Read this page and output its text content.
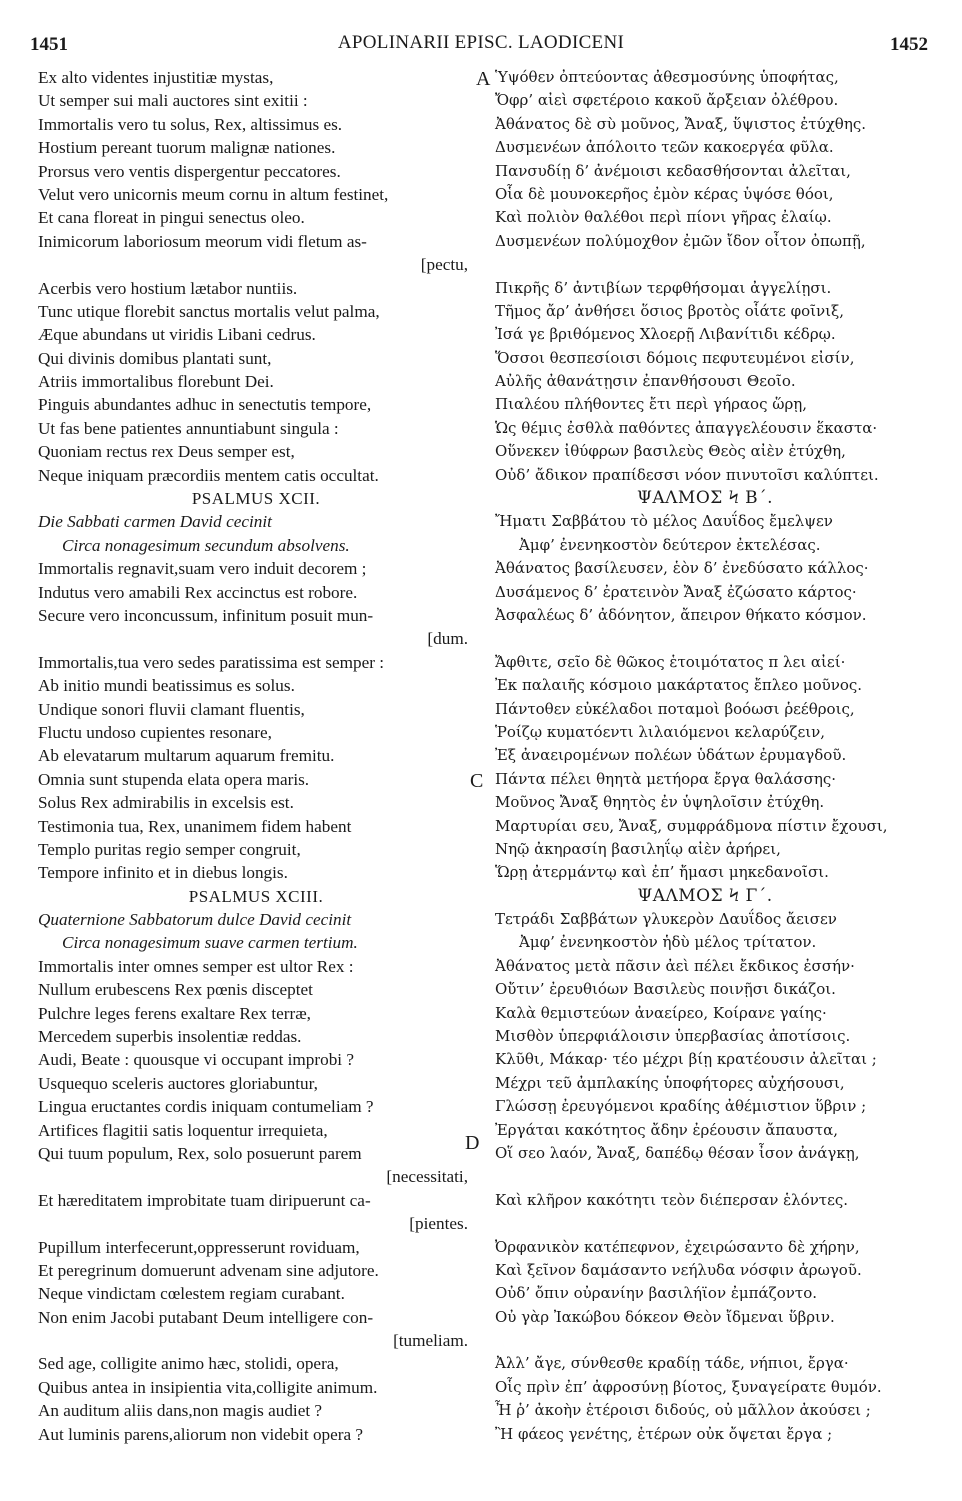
1451	APOLINARII EPISC. LAODICENI	1452
Ex alto videntes injustitiæ mystas,
Ut semper sui mali auctores sint exitii :
Immortalis vero tu solus, Rex, altissimus es.
Hostium pereant tuorum malignæ nationes.
Prorsus vero ventis dispergentur peccatores.
Velut vero unicornis meum cornu in altum festinet,
Et cana floreat in pingui senectus oleo.
Inimicorum laboriosum meorum vidi fletum as-
[pectu,
Acerbis vero hostium lætabor nuntiis.
Tunc utique florebit sanctus mortalis velut palma,
Æque abundans ut viridis Libani cedrus.
Qui divinis domibus plantati sunt,
Atriis immortalibus florebunt Dei.
Pinguis abundantes adhuc in senectutis tempore,
Ut fas bene patientes annuntiabunt singula :
Quoniam rectus rex Deus semper est,
Neque iniquam præcordiis mentem catis occultat.
PSALMUS XCII.
Die Sabbati carmen David cecinit
Circa nonagesimum secundum absolvens.
Immortalis regnavit,suam vero induit decorem ;
Indutus vero amabili Rex accinctus est robore.
Secure vero inconcussum, infinitum posuit mun-
[dum.
Immortalis,tua vero sedes paratissima est semper :
Ab initio mundi beatissimus es solus.
Undique sonori fluvii clamant fluentis,
Fluctu undoso cupientes resonare,
Ab elevatarum multarum aquarum fremitu.
Omnia sunt stupenda elata opera maris.
Solus Rex admirabilis in excelsis est.
Testimonia tua, Rex, unanimem fidem habent
Templo puritas regio semper congruit,
Tempore infinito et in diebus longis.
PSALMUS XCIII.
Quaternione Sabbatorum dulce David cecinit
Circa nonagesimum suave carmen tertium.
Immortalis inter omnes semper est ultor Rex :
Nullum erubescens Rex pœnis disceptet
Pulchre leges ferens exaltare Rex terræ,
Mercedem superbis insolentiæ reddas.
Audi, Beate : quousque vi occupant improbi ?
Usquequo sceleris auctores gloriabuntur,
Lingua eructantes cordis iniquam contumeliam ?
Artifices flagitii satis loquentur irrequieta,
Qui tuum populum, Rex, solo posuerunt parem
[necessitati,
Et hæreditatem improbitate tuam diripuerunt ca-
[pientes.
Pupillum interfecerunt,oppresserunt roviduam,
Et peregrinum domuerunt advenam sine adjutore.
Neque vindictam cœlestem regiam curabant.
Non enim Jacobi putabant Deum intelligere con-
[tumeliam.
Sed age, colligite animo hæc, stolidi, opera,
Quibus antea in insipientia vita,colligite animum.
An auditum aliis dans,non magis audiet ?
Aut luminis parens,aliorum non videbit opera ?
Ὑψόθεν ὀπτεύοντας ἀθεσμοσύνης ὑποφήτας,
Ὄφρ’ αἰεὶ σφετέροιο κακοῦ ἄρξειαν ὀλέθρου.
Ἀθάνατος δὲ σὺ μοῦνος, Ἄναξ, ὕψιστος ἐτύχθης.
Δυσμενέων ἀπόλοιτο τεῶν κακοεργέα φῦλα.
Πανσυδίῃ δ’ ἀνέμοισι κεδασθήσονται ἀλεῖται,
Οἷα δὲ μουνοκερῆος ἐμὸν κέρας ὑψόσε θόοι,
Καὶ πολιὸν θαλέθοι περὶ πίονι γῆρας ἐλαίῳ.
Δυσμενέων πολύμοχθον ἐμῶν ἴδον οἶτον ὀπωπῇ,
Πικρῆς δ’ ἀντιβίων τερφθήσομαι ἀγγελίῃσι.
Τῆμος ἄρ’ ἀνθήσει ὅσιος βροτὸς οἷάτε φοῖνιξ,
Ἰσά γε βριθόμενος Χλοερῇ Λιβανίτιδι κέδρῳ.
Ὅσσοι θεσπεσίοισι δόμοις πεφυτευμένοι εἰσίν,
Αὐλῆς ἀθανάτῃσιν ἐπανθήσουσι Θεοῖο.
Πιαλέου πλήθοντες ἔτι περὶ γήραος ὥρῃ,
Ὡς θέμις ἐσθλὰ παθόντες ἀπαγγελέουσιν ἕκαστα·
Οὕνεκεν ἰθύφρων βασιλεὺς Θεὸς αἰὲν ἐτύχθη,
Οὐδ’ ἄδικον πραπίδεσσι νόον πινυτοῖσι καλύπτει.
ΨΑΛΜΟΣ Ϟ Β΄.
Ἤματι Σαββάτου τὸ μέλος Δαυΐδος ἔμελψεν
Ἀμφ’ ἐνενηκοστὸν δεύτερον ἐκτελέσας.
Ἀθάνατος βασίλευσεν, ἑὸν δ’ ἐνεδύσατο κάλλος·
Δυσάμενος δ’ ἐρατεινὸν Ἄναξ ἐζώσατο κάρτος·
Ἀσφαλέως δ’ ἀδόνητον, ἄπειρον θήκατο κόσμον.
Ἄφθιτε, σεῖο δὲ θῶκος ἑτοιμότατος π λει αἰεί·
Ἐκ παλαιῆς κόσμοιο μακάρτατος ἔπλεο μοῦνος.
Πάντοθεν εὐκέλαδοι ποταμοὶ βοόωσι ῥεέθροις,
Ῥοίζῳ κυματόεντι λιλαιόμενοι κελαρύζειν,
Ἐξ ἀναειρομένων πολέων ὑδάτων ἐρυμαγδοῦ.
Πάντα πέλει θηητὰ μετήορα ἔργα θαλάσσης·
Μοῦνος Ἄναξ θηητὸς ἐν ὑψηλοῖσιν ἐτύχθη.
Μαρτυρίαι σευ, Ἄναξ, συμφράδμονα πίστιν ἔχουσι,
Νηῷ ἀκηρασίη βασιληΐῳ αἰὲν ἀρήρει,
Ὥρῃ ἀτερμάντῳ καὶ ἐπ’ ἤμασι μηκεδανοῖσι.
ΨΑΛΜΟΣ Ϟ Γ΄.
Τετράδι Σαββάτων γλυκερὸν Δαυΐδος ἄεισεν
Ἀμφ’ ἐνενηκοστὸν ἡδὺ μέλος τρίτατον.
Ἀθάνατος μετὰ πᾶσιν ἀεὶ πέλει ἔκδικος ἐσσήν·
Οὔτιν’ ἐρευθιόων Βασιλεὺς ποινῇσι δικάζοι.
Καλὰ θεμιστεύων ἀναείρεο, Κοίρανε γαίης·
Μισθὸν ὑπερφιάλοισιν ὑπερβασίας ἀποτίσοις.
Κλῦθι, Μάκαρ· τέο μέχρι βίῃ κρατέουσιν ἀλεῖται ;
Μέχρι τεῦ ἀμπλακίης ὑποφήτορες αὐχήσουσι,
Γλώσσῃ ἐρευγόμενοι κραδίης ἀθέμιστιον ὕβριν ;
Ἐργάται κακότητος ἄδην ἐρέουσιν ἄπαυστα,
Οἵ σεο λαόν, Ἄναξ, δαπέδῳ θέσαν ἶσον ἀνάγκῃ,
Καὶ κλῆρον κακότητι τεὸν διέπερσαν ἑλόντες.
Ὀρφανικὸν κατέπεφνον, ἐχειρώσαντο δὲ χήρην,
Καὶ ξεῖνον δαμάσαντο νεήλυδα νόσφιν ἀρωγοῦ.
Οὐδ’ ὄπιν οὐρανίην βασιλήϊον ἐμπάζοντο.
Οὐ γὰρ Ἰακώβου δόκεον Θεὸν ἴδμεναι ὕβριν.
Ἀλλ’ ἄγε, σύνθεσθε κραδίῃ τάδε, νήπιοι, ἔργα·
Οἷς πρὶν ἐπ’ ἀφροσύνῃ βίοτος, ξυναγείρατε θυμόν.
Ἦ ῥ’ ἀκοὴν ἑτέροισι διδούς, οὐ μᾶλλον ἀκούσει ;
Ἢ φάεος γενέτης, ἑτέρων οὐκ ὄψεται ἔργα ;
A
C
D
